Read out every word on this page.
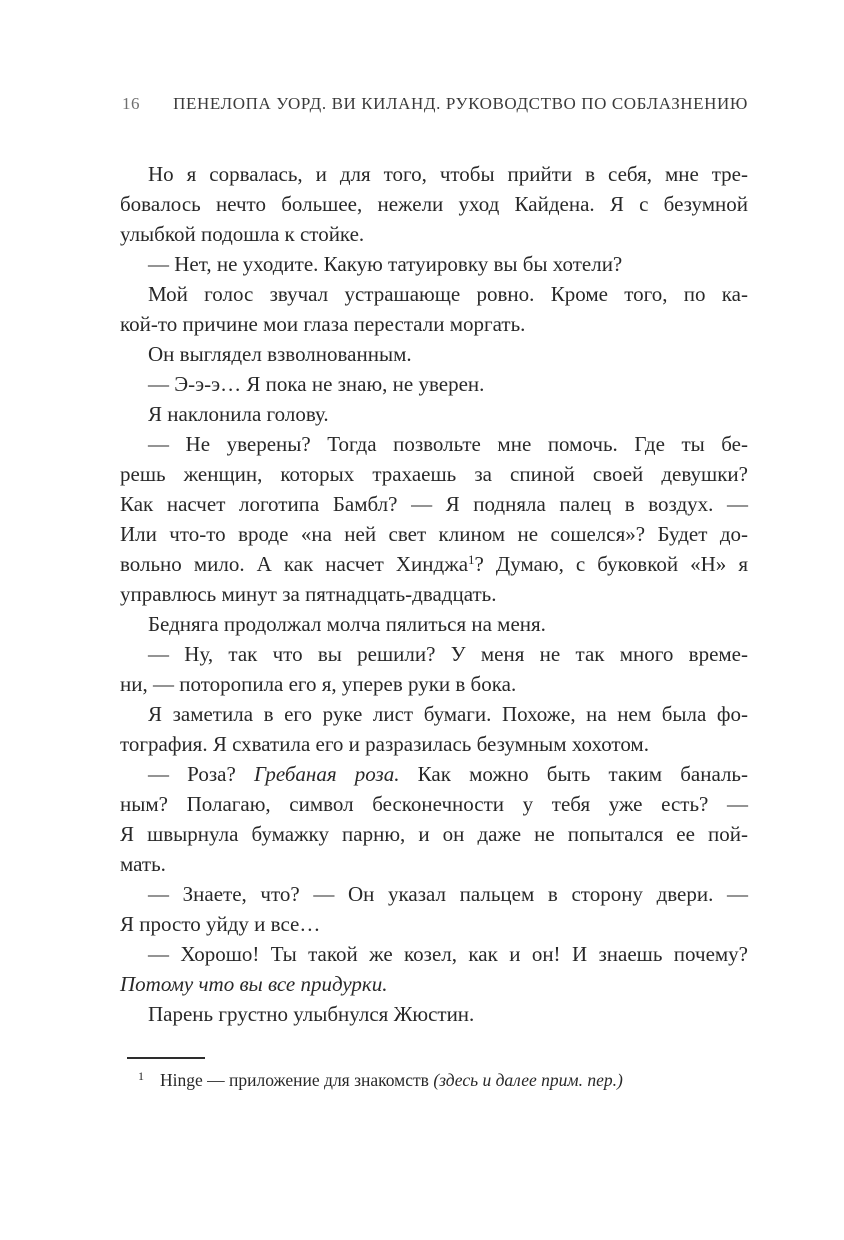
16 ПЕНЕЛОПА УОРД. ВИ КИЛАНД. РУКОВОДСТВО ПО СОБЛАЗНЕНИЮ
Но я сорвалась, и для того, чтобы прийти в себя, мне тре-
бовалось нечто большее, нежели уход Кайдена. Я с безумной
улыбкой подошла к стойке.
— Нет, не уходите. Какую татуировку вы бы хотели?
Мой голос звучал устрашающе ровно. Кроме того, по ка-
кой-то причине мои глаза перестали моргать.
Он выглядел взволнованным.
— Э-э-э… Я пока не знаю, не уверен.
Я наклонила голову.
— Не уверены? Тогда позвольте мне помочь. Где ты бе-
решь женщин, которых трахаешь за спиной своей девушки?
Как насчет логотипа Бамбл? — Я подняла палец в воздух. —
Или что-то вроде «на ней свет клином не сошелся»? Будет до-
вольно мило. А как насчет Хинджа$^1$? Думаю, с буковкой «Н» я
управлюсь минут за пятнадцать-двадцать.
Бедняга продолжал молча пялиться на меня.
— Ну, так что вы решили? У меня не так много време-
ни, — поторопила его я, уперев руки в бока.
Я заметила в его руке лист бумаги. Похоже, на нем была фо-
тография. Я схватила его и разразилась безумным хохотом.
— Роза? Гребаная роза. Как можно быть таким баналь-
ным? Полагаю, символ бесконечности у тебя уже есть? —
Я швырнула бумажку парню, и он даже не попытался ее пой-
мать.
— Знаете, что? — Он указал пальцем в сторону двери. —
Я просто уйду и все…
— Хорошо! Ты такой же козел, как и он! И знаешь почему?
Потому что вы все придурки.
Парень грустно улыбнулся Жюстин.
$^1$ Hinge — приложение для знакомств (здесь и далее прим. пер.)
